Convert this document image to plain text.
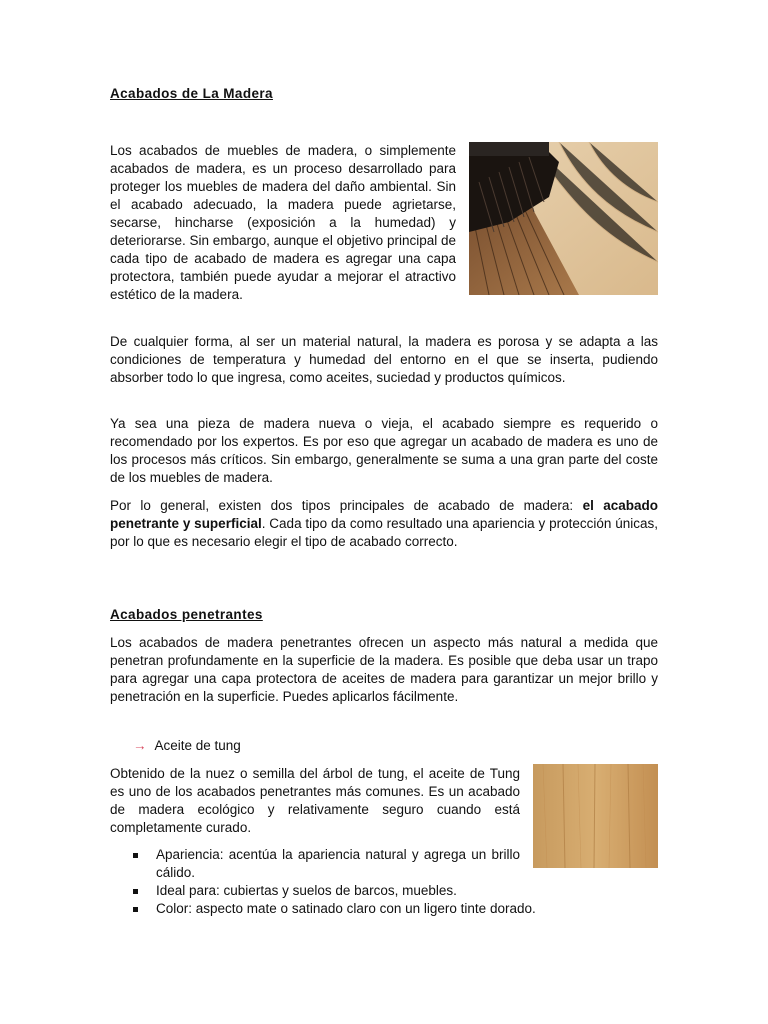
Acabados de La Madera

Los acabados de muebles de madera, o simplemente acabados de madera, es un proceso desarrollado para proteger los muebles de madera del daño ambiental. Sin el acabado adecuado, la madera puede agrietarse, secarse, hincharse (exposición a la humedad) y deteriorarse. Sin embargo, aunque el objetivo principal de cada tipo de acabado de madera es agregar una capa protectora, también puede ayudar a mejorar el atractivo estético de la madera.

De cualquier forma, al ser un material natural, la madera es porosa y se adapta a las condiciones de temperatura y humedad del entorno en el que se inserta, pudiendo absorber todo lo que ingresa, como aceites, suciedad y productos químicos.

Ya sea una pieza de madera nueva o vieja, el acabado siempre es requerido o recomendado por los expertos. Es por eso que agregar un acabado de madera es uno de los procesos más críticos. Sin embargo, generalmente se suma a una gran parte del coste de los muebles de madera.

Por lo general, existen dos tipos principales de acabado de madera: el acabado penetrante y superficial. Cada tipo da como resultado una apariencia y protección únicas, por lo que es necesario elegir el tipo de acabado correcto.

Acabados penetrantes

Los acabados de madera penetrantes ofrecen un aspecto más natural a medida que penetran profundamente en la superficie de la madera. Es posible que deba usar un trapo para agregar una capa protectora de aceites de madera para garantizar un mejor brillo y penetración en la superficie. Puedes aplicarlos fácilmente.

→ Aceite de tung

Obtenido de la nuez o semilla del árbol de tung, el aceite de Tung es uno de los acabados penetrantes más comunes. Es un acabado de madera ecológico y relativamente seguro cuando está completamente curado.

Apariencia: acentúa la apariencia natural y agrega un brillo cálido.
Ideal para: cubiertas y suelos de barcos, muebles.
Color: aspecto mate o satinado claro con un ligero tinte dorado.
